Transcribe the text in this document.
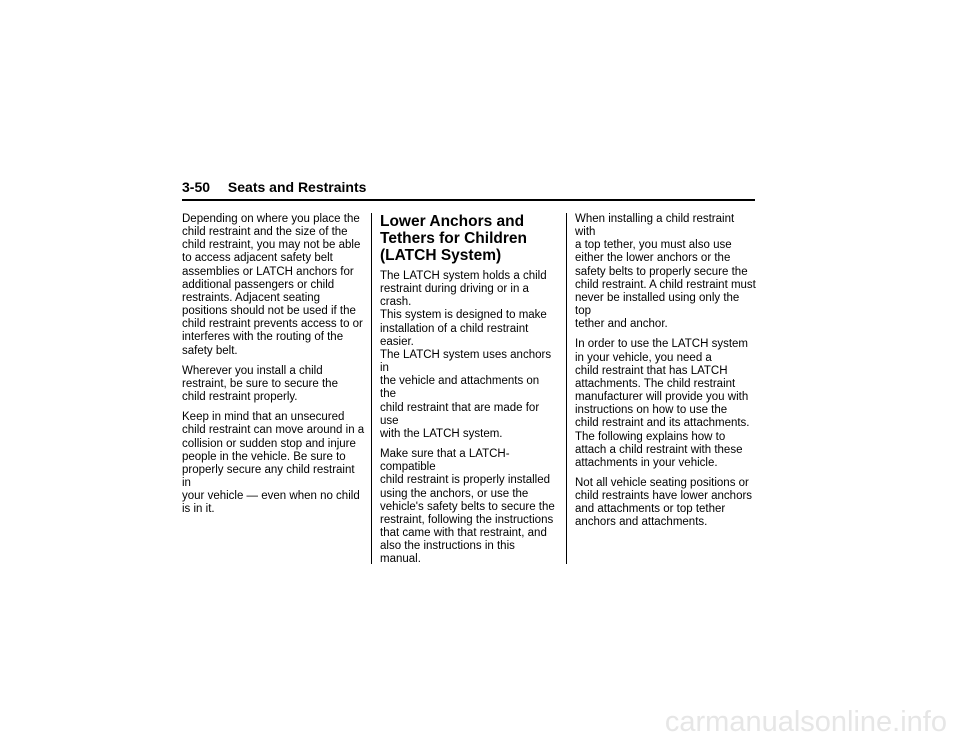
3-50 Seats and Restraints

Depending on where you place the
child restraint and the size of the
child restraint, you may not be able
to access adjacent safety belt
assemblies or LATCH anchors for
additional passengers or child
restraints. Adjacent seating
positions should not be used if the
child restraint prevents access to or
interferes with the routing of the
safety belt.

Wherever you install a child
restraint, be sure to secure the
child restraint properly.

Keep in mind that an unsecured
child restraint can move around in a
collision or sudden stop and injure
people in the vehicle. Be sure to
properly secure any child restraint in
your vehicle — even when no child
is in it.

Lower Anchors and
Tethers for Children
(LATCH System)

The LATCH system holds a child
restraint during driving or in a crash.
This system is designed to make
installation of a child restraint easier.
The LATCH system uses anchors in
the vehicle and attachments on the
child restraint that are made for use
with the LATCH system.

Make sure that a LATCH-compatible
child restraint is properly installed
using the anchors, or use the
vehicle's safety belts to secure the
restraint, following the instructions
that came with that restraint, and
also the instructions in this manual.

When installing a child restraint with
a top tether, you must also use
either the lower anchors or the
safety belts to properly secure the
child restraint. A child restraint must
never be installed using only the top
tether and anchor.

In order to use the LATCH system
in your vehicle, you need a
child restraint that has LATCH
attachments. The child restraint
manufacturer will provide you with
instructions on how to use the
child restraint and its attachments.
The following explains how to
attach a child restraint with these
attachments in your vehicle.

Not all vehicle seating positions or
child restraints have lower anchors
and attachments or top tether
anchors and attachments.

carmanualsonline.info
